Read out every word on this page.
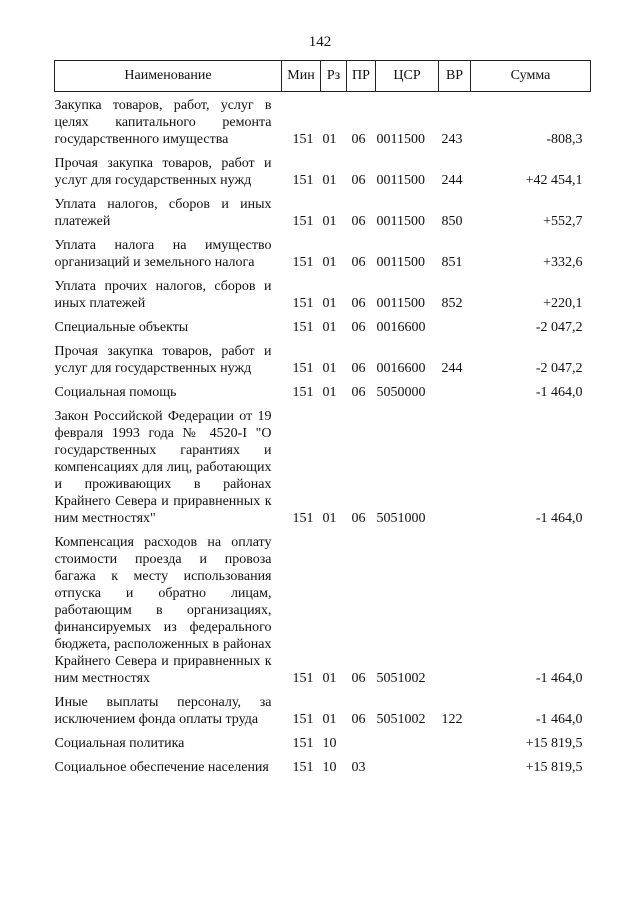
142
Наименование	Мин	Рз	ПР	ЦСР	ВР	Сумма
Закупка товаров, работ, услуг в целях капитального ремонта государственного имущества	151	01	06	0011500	243	-808,3
Прочая закупка товаров, работ и услуг для государственных нужд	151	01	06	0011500	244	+42 454,1
Уплата налогов, сборов и иных платежей	151	01	06	0011500	850	+552,7
Уплата налога на имущество организаций и земельного налога	151	01	06	0011500	851	+332,6
Уплата прочих налогов, сборов и иных платежей	151	01	06	0011500	852	+220,1
Специальные объекты	151	01	06	0016600		-2 047,2
Прочая закупка товаров, работ и услуг для государственных нужд	151	01	06	0016600	244	-2 047,2
Социальная помощь	151	01	06	5050000		-1 464,0
Закон Российской Федерации от 19 февраля 1993 года № 4520-I "О государственных гарантиях и компенсациях для лиц, работающих и проживающих в районах Крайнего Севера и приравненных к ним местностях"	151	01	06	5051000		-1 464,0
Компенсация расходов на оплату стоимости проезда и провоза багажа к месту использования отпуска и обратно лицам, работающим в организациях, финансируемых из федерального бюджета, расположенных в районах Крайнего Севера и приравненных к ним местностях	151	01	06	5051002		-1 464,0
Иные выплаты персоналу, за исключением фонда оплаты труда	151	01	06	5051002	122	-1 464,0
Социальная политика	151	10				+15 819,5
Социальное обеспечение населения	151	10	03			+15 819,5
